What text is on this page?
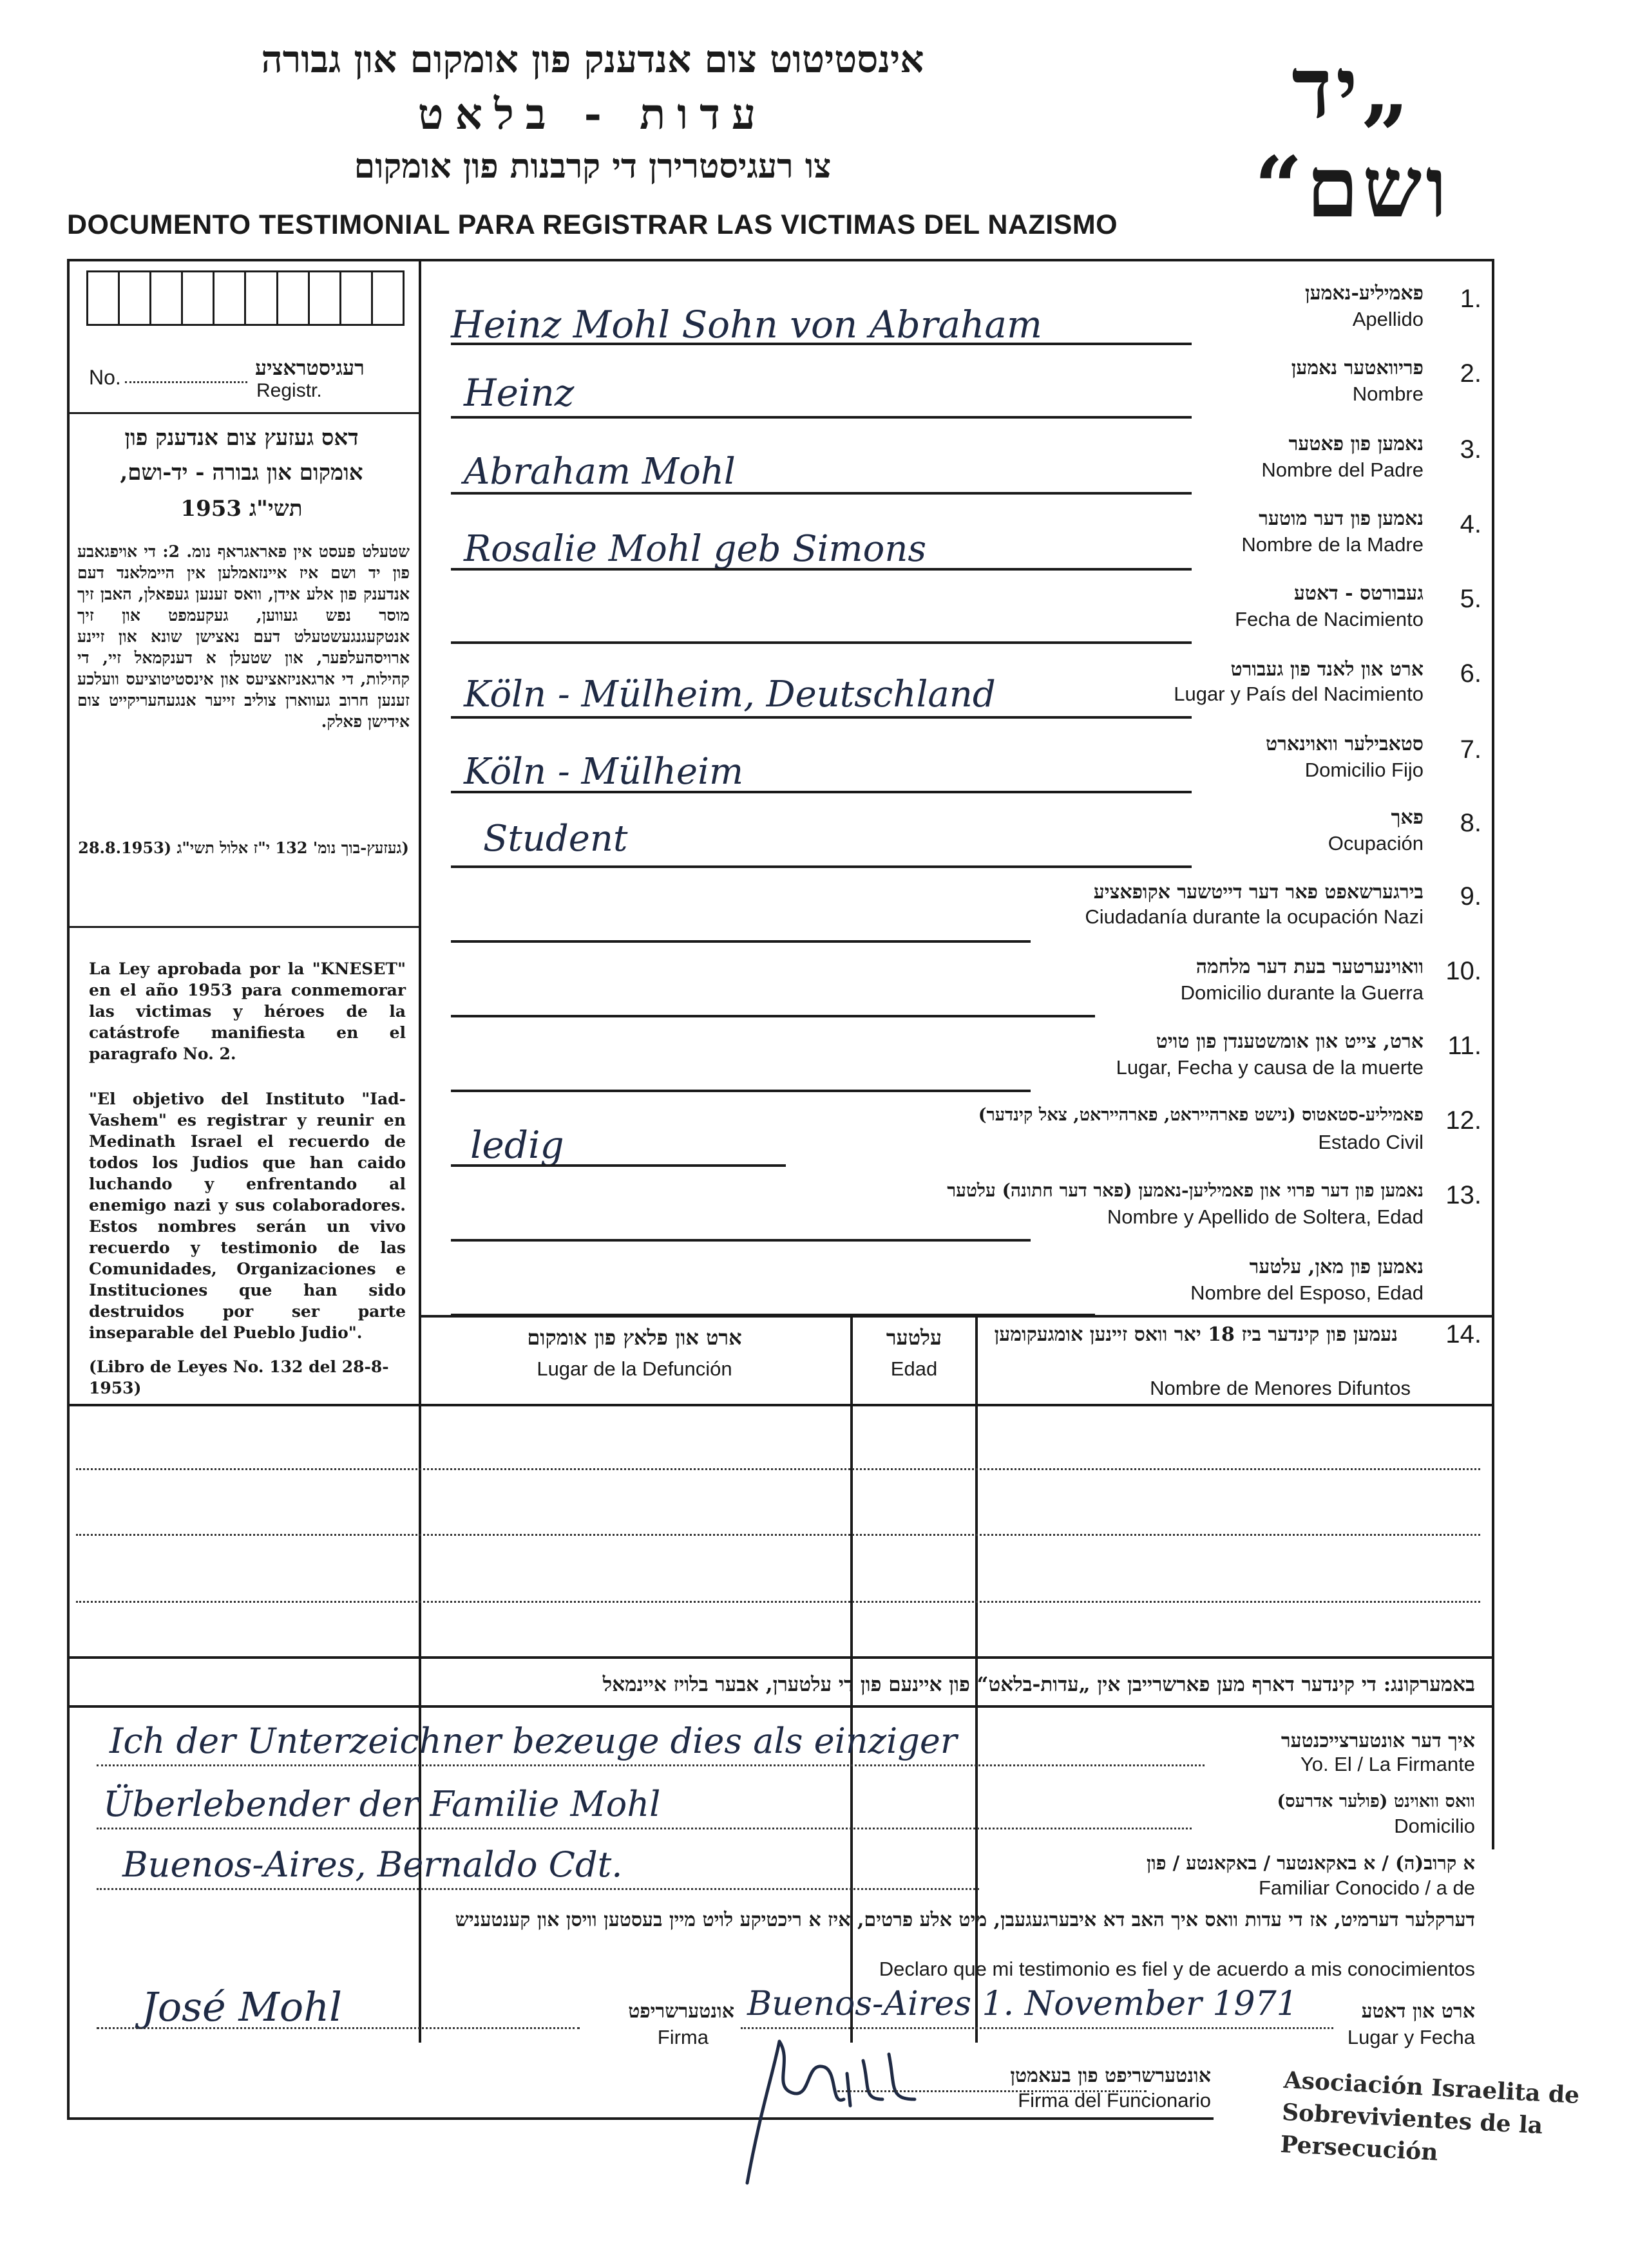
אינסטיטוט צום אנדענק פון אומקום און גבורה
עדות - בלאט
צו רעגיסטרירן די קרבנות פון אומקום
„יד ושם“
DOCUMENTO TESTIMONIAL PARA REGISTRAR LAS VICTIMAS DEL NAZISMO
No.	רעגיסטראציע
Registr.
דאס געזעץ צום אנדענק פון
אומקום און גבורה - יד-ושם,
תשי"ג 1953
שטעלט פעסט אין פאראגראף נומ. 2: די אויפגאבע פון יד ושם איז איינזאמלען אין היימלאנד דעם אנדענק פון אלע אידן, וואס זענען געפאלן, האבן זיך מוסר נפש געווען, געקעמפט און זיך אנטקעגנגעשטעלט דעם נאצישן שונא און זיינע ארויסהעלפער, און שטעלן א דענקמאל זיי, די קהילות, די ארגאניזאציעס און אינסטיטוציעס וועלכע זענען חרוב געווארן צוליב זייער אנגעהעריקייט צום אידישן פאלק.
(געזעץ-בוך נומ' 132 י"ז אלול תשי"ג (28.8.1953
La Ley aprobada por la "KNESET" en el año 1953 para conmemorar las victimas y héroes de la catástrofe manifiesta en el paragrafo No. 2.
"El objetivo del Instituto "Iad-Vashem" es registrar y reunir en Medinath Israel el recuerdo de todos los Judios que han caido luchando y enfrentando al enemigo nazi y sus colaboradores. Estos nombres serán un vivo recuerdo y testimonio de las Comunidades, Organizaciones e Instituciones que han sido destruidos por ser parte inseparable del Pueblo Judio".
(Libro de Leyes No. 132 del 28-8-1953)
Heinz Mohl Sohn von Abraham
פאמיליע-נאמען
Apellido
1.
Heinz
פריוואטער נאמען
Nombre
2.
Abraham Mohl
נאמען פון פאטער
Nombre del Padre
3.
Rosalie Mohl geb Simons
נאמען פון דער מוטער
Nombre de la Madre
4.
געבורטס - דאטע
Fecha de Nacimiento
5.
Köln - Mülheim, Deutschland
ארט און לאנד פון געבורט
Lugar y País del Nacimiento
6.
Köln - Mülheim
סטאבילער וואוינארט
Domicilio Fijo
7.
Student
פאך
Ocupación
8.
בירגערשאפט פאר דער דייטשער אקופאציע
Ciudadanía durante la ocupación Nazi
9.
וואוינערטער בעת דער מלחמה
Domicilio durante la Guerra
10.
ארט, צייט און אומשטענדן פון טויט
Lugar, Fecha y causa de la muerte
11.
ledig
פאמיליע-סטאטוס (נישט פארהייראט, פארהייראט, צאל קינדער)
Estado Civil
12.
נאמען פון דער פרוי און פאמיליען-נאמען (פאר דער חתונה) עלטער
Nombre y Apellido de Soltera, Edad
13.
נאמען פון מאן, עלטער
Nombre del Esposo, Edad
ארט און פלאץ פון אומקום
Lugar de la Defunción
עלטער
Edad
נעמען פון קינדער ביז 18 יאר וואס זיינען אומגעקומען
Nombre de Menores Difuntos
14.
באמערקונג: די קינדער דארף מען פארשרייבן אין „עדות-בלאט“ פון איינעם פון די עלטערן, אבער בלויז איינמאל
Ich der Unterzeichner bezeuge dies als einziger	איך דער אונטערצייכנטער
Yo. El / La Firmante
Überlebender der Familie Mohl	וואס וואוינט (פולער אדרעס)
Domicilio
Buenos-Aires, Bernaldo Cdt.	א קרוב(ה) / א באקאנטער / באקאנטע / פון
Familiar Conocido / a de
דערקלער דערמיט, אז די עדות וואס איך האב דא איבערגעגעבן, מיט אלע פרטים, איז א ריכטיקע לויט מיין בעסטען וויסן און קענטעניש
Declaro que mi testimonio es fiel y de acuerdo a mis conocimientos
José Mohl	אונטערשריפט
Firma
Buenos-Aires 1. November 1971	ארט און דאטע
Lugar y Fecha
אונטערשריפט פון בעאמטן
Firma del Funcionario	Asociación Israelita de Sobrevivientes de la Persecución
